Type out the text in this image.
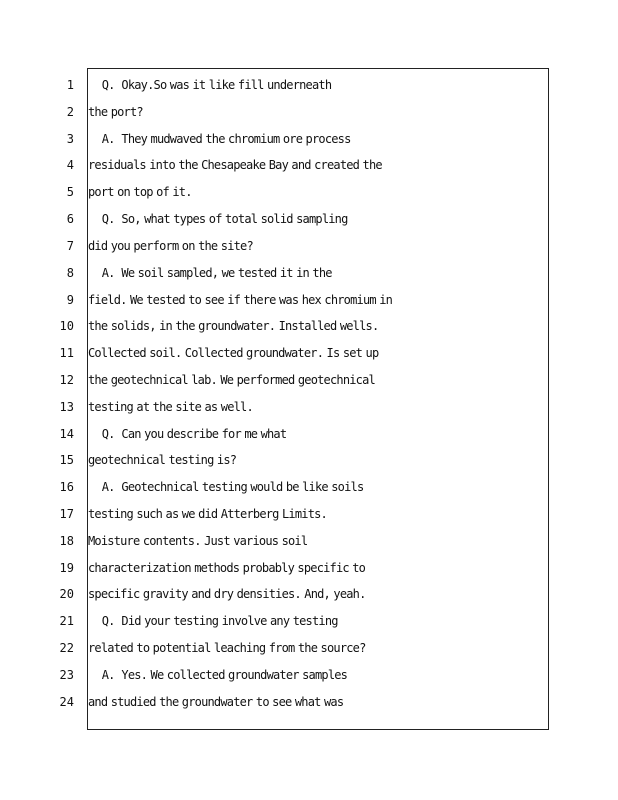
1 Q.  Okay.So was it like fill underneath
2 the port?
3 A.  They mudwaved the chromium ore process
4 residuals into the Chesapeake Bay and created the
5 port on top of it.
6 Q.  So, what types of total solid sampling
7 did you perform on the site?
8 A.  We soil sampled, we tested it in the
9 field. We tested to see if there was hex chromium in
10 the solids, in the groundwater. Installed wells.
11 Collected soil. Collected groundwater. Is set up
12 the geotechnical lab. We performed geotechnical
13 testing at the site as well.
14 Q.  Can you describe for me what
15 geotechnical testing is?
16 A.  Geotechnical testing would be like soils
17 testing such as we did Atterberg Limits.
18 Moisture contents. Just various soil
19 characterization methods probably specific to
20 specific gravity and dry densities. And, yeah.
21 Q.  Did your testing involve any testing
22 related to potential leaching from the source?
23 A.  Yes. We collected groundwater samples
24 and studied the groundwater to see what was
